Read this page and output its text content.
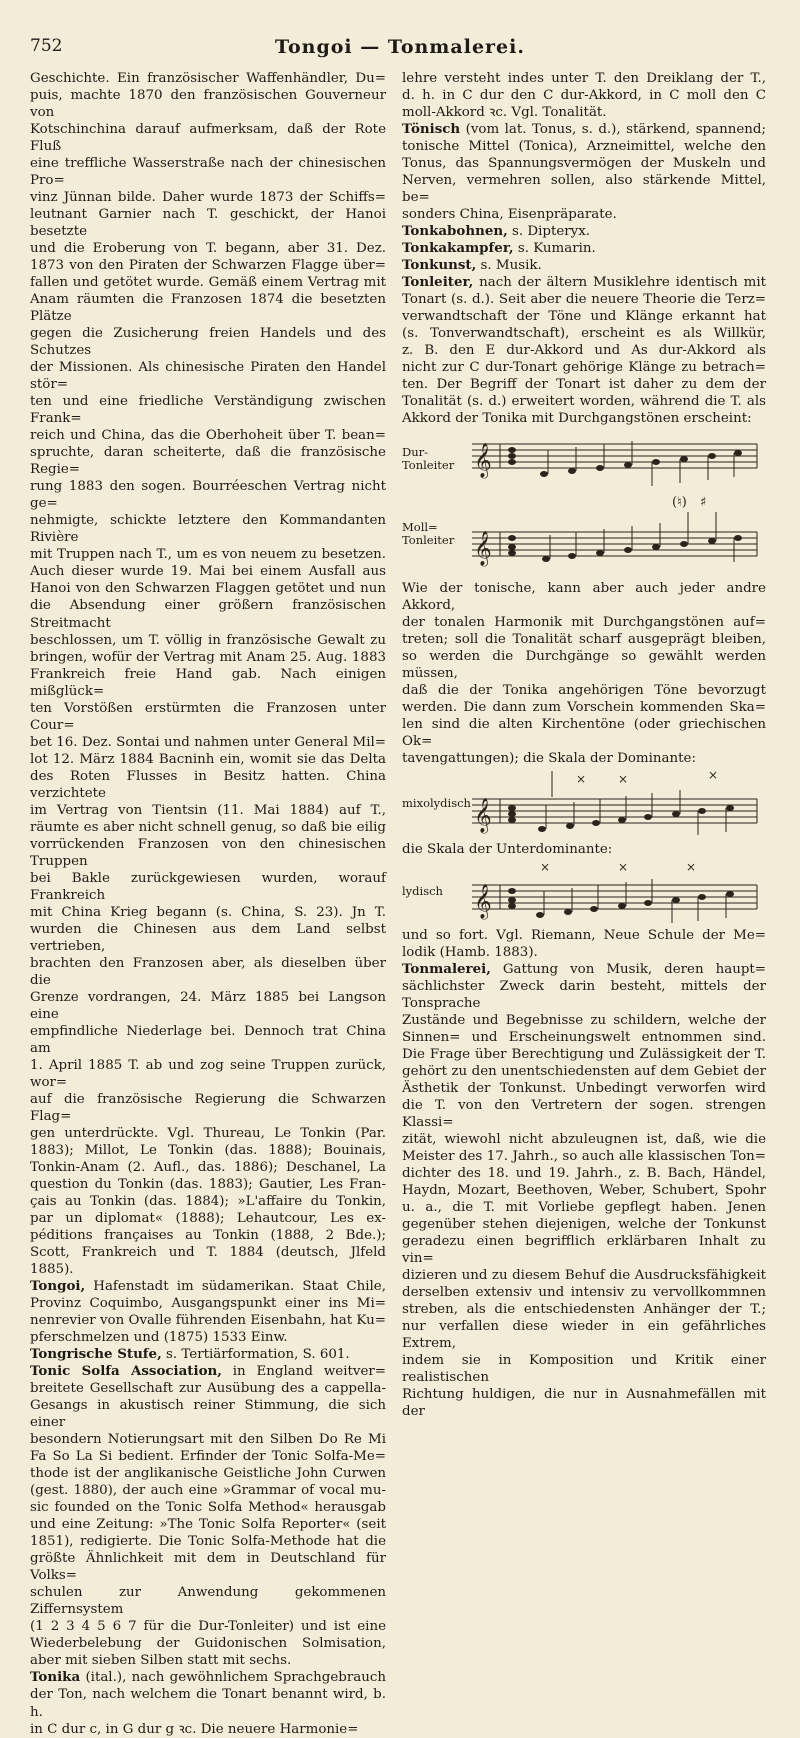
752	Tongoi — Tonmalerei.

Geschichte. Ein französischer Waffenhändler, Du=

puis, machte 1870 den französischen Gouverneur von

Kotschinchina darauf aufmerksam, daß der Rote Fluß

eine treffliche Wasserstraße nach der chinesischen Pro=

vinz Jünnan bilde. Daher wurde 1873 der Schiffs=

leutnant Garnier nach T. geschickt, der Hanoi besetzte

und die Eroberung von T. begann, aber 31. Dez.

1873 von den Piraten der Schwarzen Flagge über=

fallen und getötet wurde. Gemäß einem Vertrag mit

Anam räumten die Franzosen 1874 die besetzten Plätze

gegen die Zusicherung freien Handels und des Schutzes

der Missionen. Als chinesische Piraten den Handel stör=

ten und eine friedliche Verständigung zwischen Frank=

reich und China, das die Oberhoheit über T. bean=

spruchte, daran scheiterte, daß die französische Regie=

rung 1883 den sogen. Bourréeschen Vertrag nicht ge=

nehmigte, schickte letztere den Kommandanten Rivière

mit Truppen nach T., um es von neuem zu besetzen.

Auch dieser wurde 19. Mai bei einem Ausfall aus

Hanoi von den Schwarzen Flaggen getötet und nun

die Absendung einer größern französischen Streitmacht

beschlossen, um T. völlig in französische Gewalt zu

bringen, wofür der Vertrag mit Anam 25. Aug. 1883

Frankreich freie Hand gab. Nach einigen mißglück=

ten Vorstößen erstürmten die Franzosen unter Cour=

bet 16. Dez. Sontai und nahmen unter General Mil=

lot 12. März 1884 Bacninh ein, womit sie das Delta

des Roten Flusses in Besitz hatten. China verzichtete

im Vertrag von Tientsin (11. Mai 1884) auf T.,

räumte es aber nicht schnell genug, so daß bie eilig

vorrückenden Franzosen von den chinesischen Truppen

bei Bakle zurückgewiesen wurden, worauf Frankreich

mit China Krieg begann (s. China, S. 23). Jn T.

wurden die Chinesen aus dem Land selbst vertrieben,

brachten den Franzosen aber, als dieselben über die

Grenze vordrangen, 24. März 1885 bei Langson eine

empfindliche Niederlage bei. Dennoch trat China am

1. April 1885 T. ab und zog seine Truppen zurück, wor=

auf die französische Regierung die Schwarzen Flag=

gen unterdrückte. Vgl. Thureau, Le Tonkin (Par.

1883); Millot, Le Tonkin (das. 1888); Bouinais,

Tonkin-Anam (2. Aufl., das. 1886); Deschanel, La

question du Tonkin (das. 1883); Gautier, Les Fran-

çais au Tonkin (das. 1884); »L'affaire du Tonkin,

par un diplomat« (1888); Lehautcour, Les ex-

péditions françaises au Tonkin (1888, 2 Bde.);

Scott, Frankreich und T. 1884 (deutsch, Jlfeld 1885).

Tongoi, Hafenstadt im südamerikan. Staat Chile,

Provinz Coquimbo, Ausgangspunkt einer ins Mi=

nenrevier von Ovalle führenden Eisenbahn, hat Ku=

pferschmelzen und (1875) 1533 Einw.

Tongrische Stufe, s. Tertiärformation, S. 601.

Tonic Solfa Association, in England weitver=

breitete Gesellschaft zur Ausübung des a cappella-

Gesangs in akustisch reiner Stimmung, die sich einer

besondern Notierungsart mit den Silben Do Re Mi

Fa So La Si bedient. Erfinder der Tonic Solfa-Me=

thode ist der anglikanische Geistliche John Curwen

(gest. 1880), der auch eine »Grammar of vocal mu-

sic founded on the Tonic Solfa Method« herausgab

und eine Zeitung: »The Tonic Solfa Reporter« (seit

1851), redigierte. Die Tonic Solfa-Methode hat die

größte Ähnlichkeit mit dem in Deutschland für Volks=

schulen zur Anwendung gekommenen Ziffernsystem

(1 2 3 4 5 6 7 für die Dur-Tonleiter) und ist eine

Wiederbelebung der Guidonischen Solmisation,

aber mit sieben Silben statt mit sechs.

Tonika (ital.), nach gewöhnlichem Sprachgebrauch

der Ton, nach welchem die Tonart benannt wird, b. h.

in C dur c, in G dur g ꝛc. Die neuere Harmonie=

lehre versteht indes unter T. den Dreiklang der T.,

d. h. in C dur den C dur-Akkord, in C moll den C

moll-Akkord ꝛc. Vgl. Tonalität.

Tönisch (vom lat. Tonus, s. d.), stärkend, spannend;

tonische Mittel (Tonica), Arzneimittel, welche den

Tonus, das Spannungsvermögen der Muskeln und

Nerven, vermehren sollen, also stärkende Mittel, be=

sonders China, Eisenpräparate.

Tonkabohnen, s. Dipteryx.

Tonkakampfer, s. Kumarin.

Tonkunst, s. Musik.

Tonleiter, nach der ältern Musiklehre identisch mit

Tonart (s. d.). Seit aber die neuere Theorie die Terz=

verwandtschaft der Töne und Klänge erkannt hat

(s. Tonverwandtschaft), erscheint es als Willkür,

z. B. den E dur-Akkord und As dur-Akkord als

nicht zur C dur-Tonart gehörige Klänge zu betrach=

ten. Der Begriff der Tonart ist daher zu dem der

Tonalität (s. d.) erweitert worden, während die T. als

Akkord der Tonika mit Durchgangstönen erscheint:

Dur-Tonleiter 𝄞
Moll=
Tonleiter 𝄞
(♮) ♯

Wie der tonische, kann aber auch jeder andre Akkord,

der tonalen Harmonik mit Durchgangstönen auf=

treten; soll die Tonalität scharf ausgeprägt bleiben,

so werden die Durchgänge so gewählt werden müssen,

daß die der Tonika angehörigen Töne bevorzugt

werden. Die dann zum Vorschein kommenden Ska=

len sind die alten Kirchentöne (oder griechischen Ok=

tavengattungen); die Skala der Dominante:

mixolydisch 𝄞
×	×	×

die Skala der Unterdominante:

lydisch	𝄞
×	×	×

und so fort. Vgl. Riemann, Neue Schule der Me=

lodik (Hamb. 1883).

Tonmalerei, Gattung von Musik, deren haupt=

sächlichster Zweck darin besteht, mittels der Tonsprache

Zustände und Begebnisse zu schildern, welche der

Sinnen= und Erscheinungswelt entnommen sind.

Die Frage über Berechtigung und Zulässigkeit der T.

gehört zu den unentschiedensten auf dem Gebiet der

Ästhetik der Tonkunst. Unbedingt verworfen wird

die T. von den Vertretern der sogen. strengen Klassi=

zität, wiewohl nicht abzuleugnen ist, daß, wie die

Meister des 17. Jahrh., so auch alle klassischen Ton=

dichter des 18. und 19. Jahrh., z. B. Bach, Händel,

Haydn, Mozart, Beethoven, Weber, Schubert, Spohr

u. a., die T. mit Vorliebe gepflegt haben. Jenen

gegenüber stehen diejenigen, welche der Tonkunst

geradezu einen begrifflich erklärbaren Inhalt zu vin=

dizieren und zu diesem Behuf die Ausdrucksfähigkeit

derselben extensiv und intensiv zu vervollkommnen

streben, als die entschiedensten Anhänger der T.;

nur verfallen diese wieder in ein gefährliches Extrem,

indem sie in Komposition und Kritik einer realistischen

Richtung huldigen, die nur in Ausnahmefällen mit der
